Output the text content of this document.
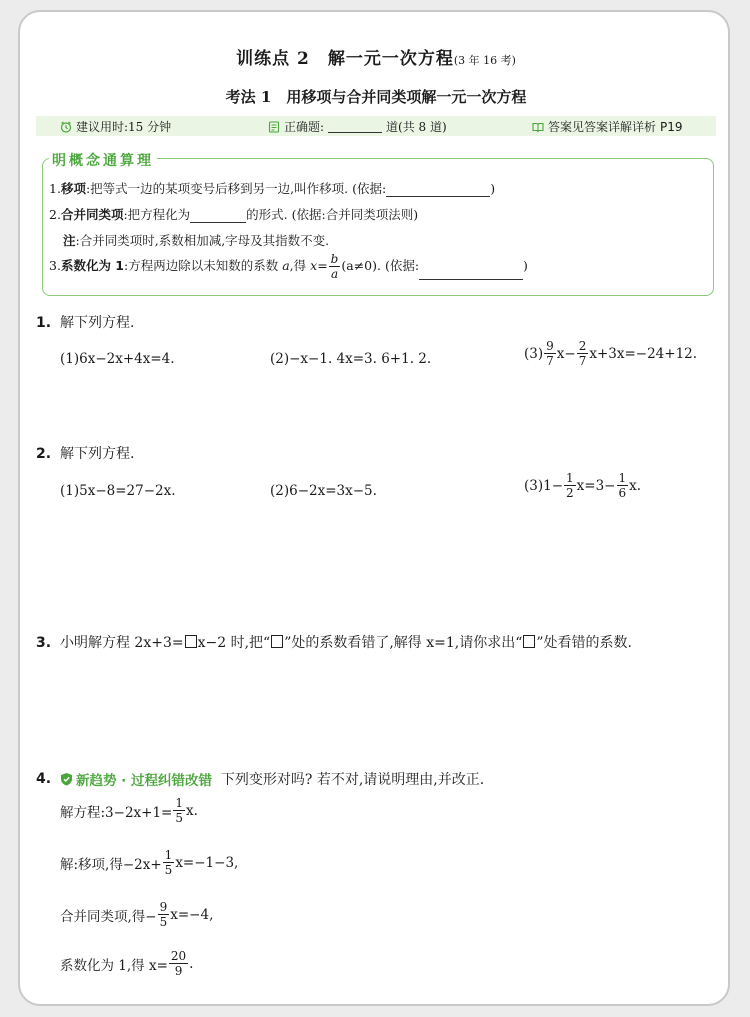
训练点 2　解一元一次方程(3 年 16 考)
考法 1　用移项与合并同类项解一元一次方程
建议用时:15 分钟	正确题:	道(共 8 道)	答案见答案详解详析 P19
明概念通算理
1.移项:把等式一边的某项变号后移到另一边,叫作移项. (依据:	)
2.合并同类项:把方程化为	的形式. (依据:合并同类项法则)
注:合并同类项时,系数相加减,字母及其指数不变.
3.系数化为 1:方程两边除以未知数的系数 a,得 $x= \frac{b}{a} (a\ne 0)$. (依据:	)
1. 解下列方程.
(1)6x−2x+4x=4.	(2)−x−1. 4x=3. 6+1. 2.	$(3) \frac{9}{7} x- \frac{2}{7} x+3x=-24+12$.
2. 解下列方程.
(1)5x−8=27−2x.	(2)6−2x=3x−5.	$(3)1- \frac{1}{2} x=3- \frac{1}{6} x$.
3. 小明解方程 2x+3= x−2 时,把“ ”处的系数看错了,解得 x=1,请你求出“ ”处看错的系数.
4.
新趋势 · 过程纠错改错
下列变形对吗? 若不对,请说明理由,并改正.
解方程:3−2x+1= $\frac{1}{5} x$.
解:移项,得$-2x+ \frac{1}{5} x=-1-3$,
合并同类项,得− $\frac{9}{5} x=-4$,
系数化为 1,得 $x= \frac{20}{9}$ .
